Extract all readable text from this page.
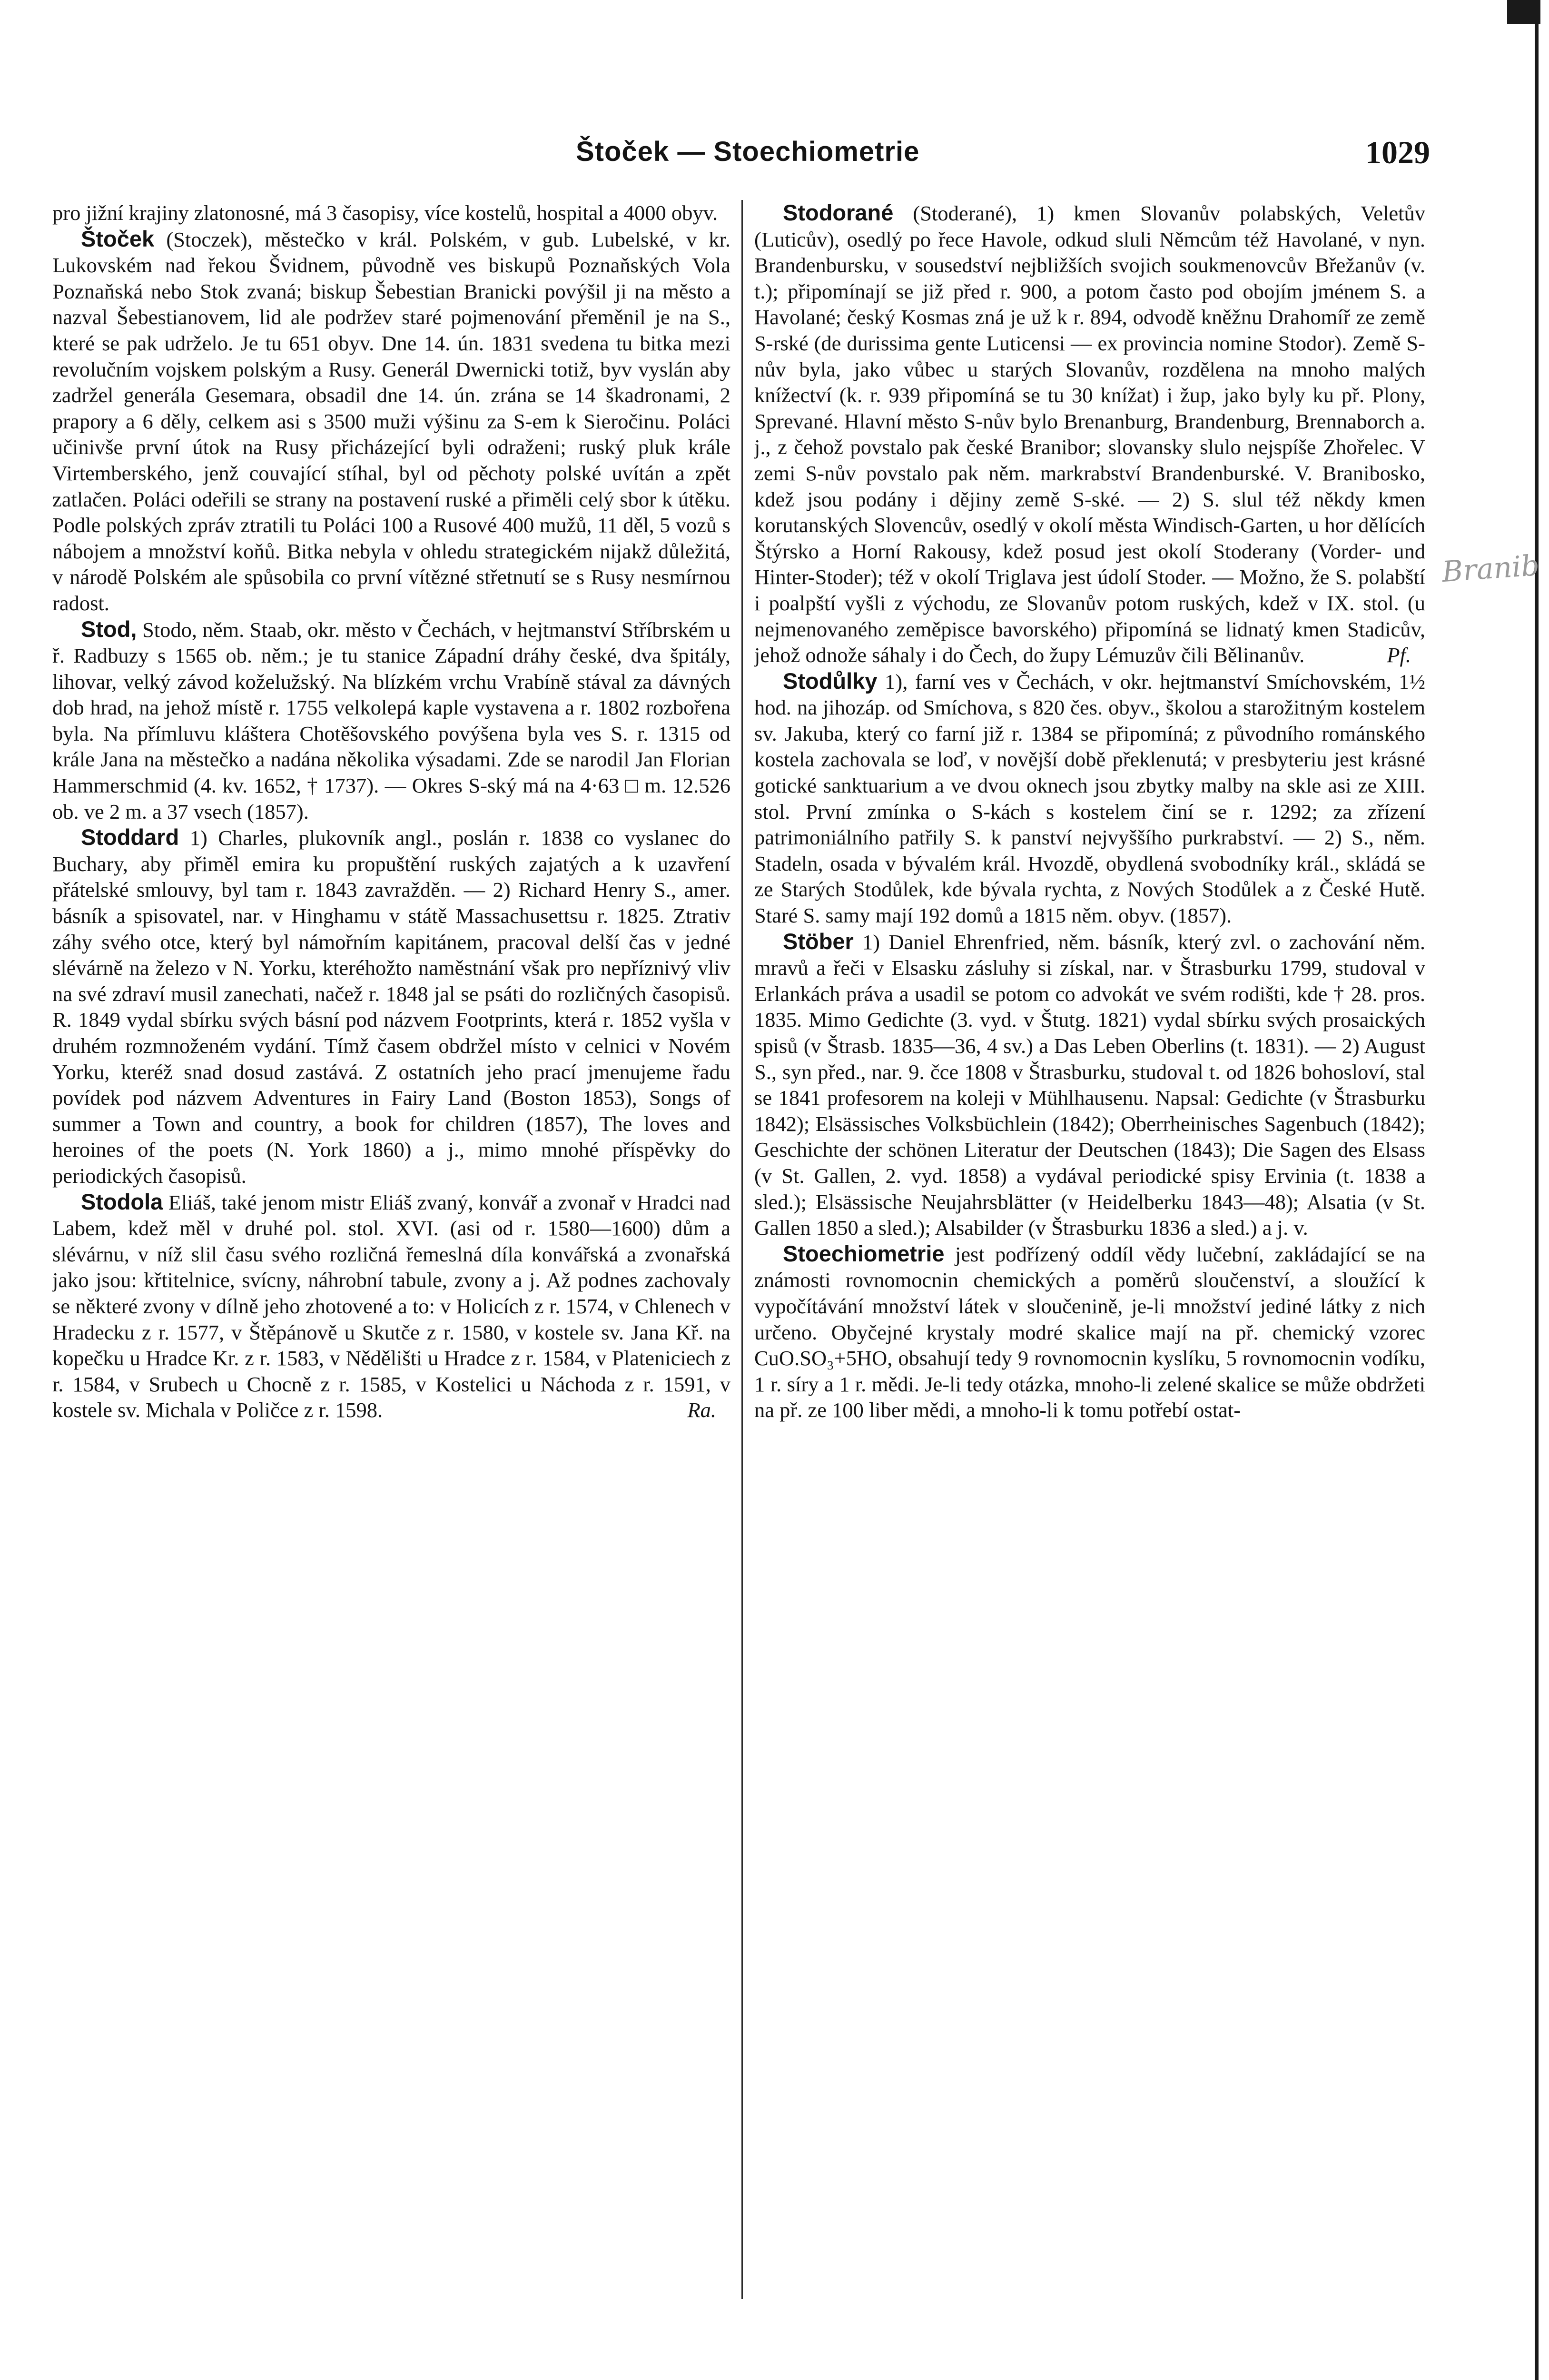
Štoček — Stoechiometrie	1029

pro jižní krajiny zlatonosné, má 3 časopisy, více kostelů, hospital a 4000 obyv.

Štoček (Stoczek), městečko v král. Polském, v gub. Lubelské, v kr. Lukovském nad řekou Švidnem, původně ves biskupů Poznaňských Vola Poznaňská nebo Stok zvaná; biskup Šebestian Branicki povýšil ji na město a nazval Šebestianovem, lid ale podržev staré pojmenování přeměnil je na S., které se pak udrželo. Je tu 651 obyv. Dne 14. ún. 1831 svedena tu bitka mezi revolučním vojskem polským a Rusy. Generál Dwernicki totiž, byv vyslán aby zadržel generála Gesemara, obsadil dne 14. ún. zrána se 14 škadronami, 2 prapory a 6 děly, celkem asi s 3500 muži výšinu za S-em k Sieročinu. Poláci učinivše první útok na Rusy přicházející byli odraženi; ruský pluk krále Virtemberského, jenž couvající stíhal, byl od pěchoty polské uvítán a zpět zatlačen. Poláci odeřili se strany na postavení ruské a přiměli celý sbor k útěku. Podle polských zpráv ztratili tu Poláci 100 a Rusové 400 mužů, 11 děl, 5 vozů s nábojem a množství koňů. Bitka nebyla v ohledu strategickém nijakž důležitá, v národě Polském ale spůsobila co první vítězné střetnutí se s Rusy nesmírnou radost.

Stod, Stodo, něm. Staab, okr. město v Čechách, v hejtmanství Stříbrském u ř. Radbuzy s 1565 ob. něm.; je tu stanice Západní dráhy české, dva špitály, lihovar, velký závod koželužský. Na blízkém vrchu Vrabíně stával za dávných dob hrad, na jehož místě r. 1755 velkolepá kaple vystavena a r. 1802 rozbořena byla. Na přímluvu kláštera Chotěšovského povýšena byla ves S. r. 1315 od krále Jana na městečko a nadána několika výsadami. Zde se narodil Jan Florian Hammerschmid (4. kv. 1652, † 1737). — Okres S-ský má na 4·63 □ m. 12.526 ob. ve 2 m. a 37 vsech (1857).

Stoddard 1) Charles, plukovník angl., poslán r. 1838 co vyslanec do Buchary, aby přiměl emira ku propuštění ruských zajatých a k uzavření přátelské smlouvy, byl tam r. 1843 zavražděn. — 2) Richard Henry S., amer. básník a spisovatel, nar. v Hinghamu v státě Massachusettsu r. 1825. Ztrativ záhy svého otce, který byl námořním kapitánem, pracoval delší čas v jedné slévárně na železo v N. Yorku, kteréhožto naměstnání však pro nepříznivý vliv na své zdraví musil zanechati, načež r. 1848 jal se psáti do rozličných časopisů. R. 1849 vydal sbírku svých básní pod názvem Footprints, která r. 1852 vyšla v druhém rozmnoženém vydání. Tímž časem obdržel místo v celnici v Novém Yorku, kteréž snad dosud zastává. Z ostatních jeho prací jmenujeme řadu povídek pod názvem Adventures in Fairy Land (Boston 1853), Songs of summer a Town and country, a book for children (1857), The loves and heroines of the poets (N. York 1860) a j., mimo mnohé příspěvky do periodických časopisů.

Stodola Eliáš, také jenom mistr Eliáš zvaný, konvář a zvonař v Hradci nad Labem, kdež měl v druhé pol. stol. XVI. (asi od r. 1580—1600) dům a slévárnu, v níž slil času svého rozličná řemeslná díla konvářská a zvonařská jako jsou: křtitelnice, svícny, náhrobní tabule, zvony a j. Až podnes zachovaly se některé zvony v dílně jeho zhotovené a to: v Holicích z r. 1574, v Chlenech v Hradecku z r. 1577, v Štěpánově u Skutče z r. 1580, v kostele sv. Jana Kř. na kopečku u Hradce Kr. z r. 1583, v Nědělišti u Hradce z r. 1584, v Plateniciech z r. 1584, v Srubech u Chocně z r. 1585, v Kostelici u Náchoda z r. 1591, v kostele sv. Michala v Poličce z r. 1598.	Ra.

Stodorané (Stoderané), 1) kmen Slovanův polabských, Veletův (Luticův), osedlý po řece Havole, odkud sluli Němcům též Havolané, v nyn. Brandenbursku, v sousedství nejbližších svojich soukmenovcův Břežanův (v. t.); připomínají se již před r. 900, a potom často pod obojím jménem S. a Havolané; český Kosmas zná je už k r. 894, odvodě kněžnu Drahomíř ze země S-rské (de durissima gente Luticensi — ex provincia nomine Stodor). Země S-nův byla, jako vůbec u starých Slovanův, rozdělena na mnoho malých knížectví (k. r. 939 připomíná se tu 30 knížat) i žup, jako byly ku př. Plony, Sprevané. Hlavní město S-nův bylo Brenanburg, Brandenburg, Brennaborch a. j., z čehož povstalo pak české Branibor; slovansky slulo nejspíše Zhořelec. V zemi S-nův povstalo pak něm. markrabství Brandenburské. V. Branibosko, kdež jsou podány i dějiny země S-ské. — 2) S. slul též někdy kmen korutanských Slovencův, osedlý v okolí města Windisch-Garten, u hor dělících Štýrsko a Horní Rakousy, kdež posud jest okolí Stoderany (Vorder- und Hinter-Stoder); též v okolí Triglava jest údolí Stoder. — Možno, že S. polabští i poalpští vyšli z východu, ze Slovanův potom ruských, kdež v IX. stol. (u nejmenovaného zeměpisce bavorského) připomíná se lidnatý kmen Stadicův, jehož odnože sáhaly i do Čech, do župy Lémuzův čili Bělinanův.	Pf.

Stodůlky 1), farní ves v Čechách, v okr. hejtmanství Smíchovském, 1½ hod. na jihozáp. od Smíchova, s 820 čes. obyv., školou a starožitným kostelem sv. Jakuba, který co farní již r. 1384 se připomíná; z původního románského kostela zachovala se loď, v novější době překlenutá; v presbyteriu jest krásné gotické sanktuarium a ve dvou oknech jsou zbytky malby na skle asi ze XIII. stol. První zmínka o S-kách s kostelem činí se r. 1292; za zřízení patrimoniálního patřily S. k panství nejvyššího purkrabství. — 2) S., něm. Stadeln, osada v bývalém král. Hvozdě, obydlená svobodníky král., skládá se ze Starých Stodůlek, kde bývala rychta, z Nových Stodůlek a z České Hutě. Staré S. samy mají 192 domů a 1815 něm. obyv. (1857).

Stöber 1) Daniel Ehrenfried, něm. básník, který zvl. o zachování něm. mravů a řeči v Elsasku zásluhy si získal, nar. v Štrasburku 1799, studoval v Erlankách práva a usadil se potom co advokát ve svém rodišti, kde † 28. pros. 1835. Mimo Gedichte (3. vyd. v Štutg. 1821) vydal sbírku svých prosaických spisů (v Štrasb. 1835—36, 4 sv.) a Das Leben Oberlins (t. 1831). — 2) August S., syn před., nar. 9. čce 1808 v Štrasburku, studoval t. od 1826 bohosloví, stal se 1841 profesorem na koleji v Mühlhausenu. Napsal: Gedichte (v Štrasburku 1842); Elsässisches Volksbüchlein (1842); Oberrheinisches Sagenbuch (1842); Geschichte der schönen Literatur der Deutschen (1843); Die Sagen des Elsass (v St. Gallen, 2. vyd. 1858) a vydával periodické spisy Ervinia (t. 1838 a sled.); Elsässische Neujahrsblätter (v Heidelberku 1843—48); Alsatia (v St. Gallen 1850 a sled.); Alsabilder (v Štrasburku 1836 a sled.) a j. v.

Stoechiometrie jest podřízený oddíl vědy lučební, zakládající se na známosti rovnomocnin chemických a poměrů slouč​enství, a sloužící k vypočítávání množství látek v slouč​enině, je-li množství jediné látky z nich určeno. Obyčejné krystaly modré skalice mají na př. chemický vzorec CuO.SO₃+5HO, obsahují tedy 9 rovnomocnin kyslíku, 5 rovnomocnin vodíku, 1 r. síry a 1 r. mědi. Je-li tedy otázka, mnoho-li zelené skalice se může obdržeti na př. ze 100 liber mědi, a mnoho-li k tomu potřebí ostat-

Branib
